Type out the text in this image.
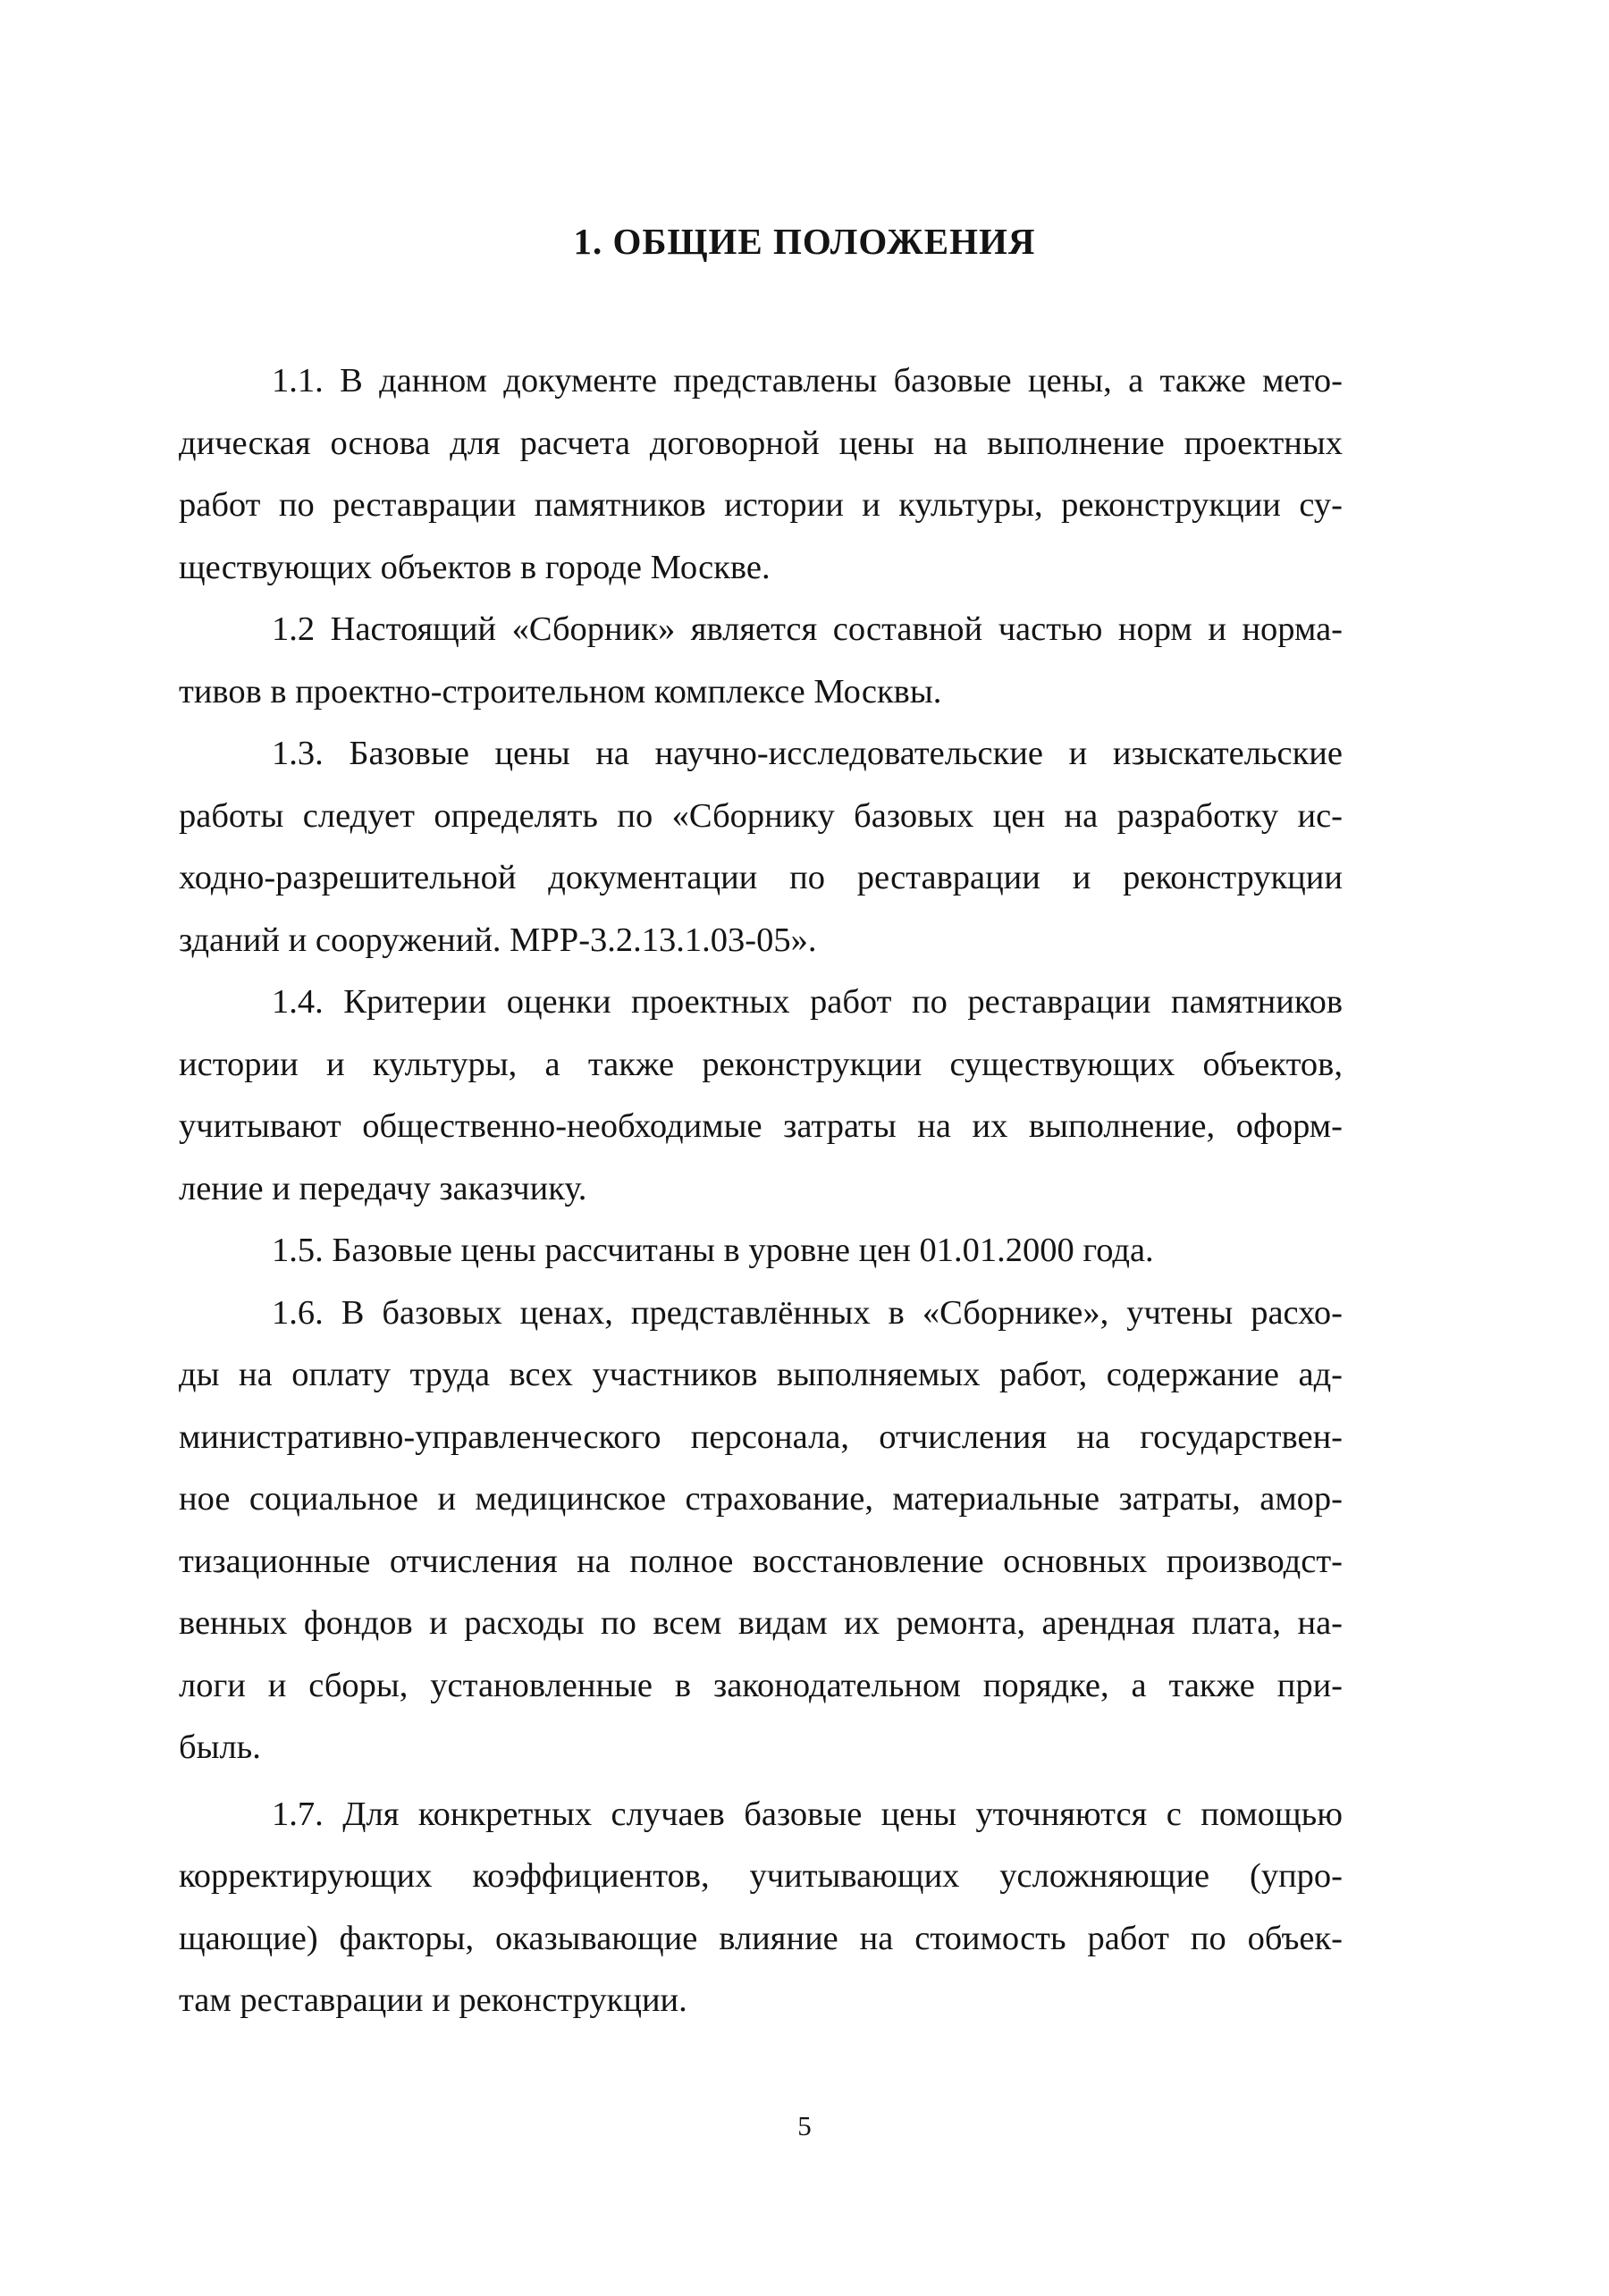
1. ОБЩИЕ ПОЛОЖЕНИЯ

1.1. В данном документе представлены базовые цены, а также мето-
дическая основа для расчета договорной цены на выполнение проектных
работ по реставрации памятников истории и культуры, реконструкции су-
ществующих объектов в городе Москве.

1.2 Настоящий «Сборник» является составной частью норм и норма-
тивов в проектно-строительном комплексе Москвы.

1.3. Базовые цены на научно-исследовательские и изыскательские
работы следует определять по «Сборнику базовых цен на разработку ис-
ходно-разрешительной документации по реставрации и реконструкции
зданий и сооружений. МРР-3.2.13.1.03-05».

1.4. Критерии оценки проектных работ по реставрации памятников
истории и культуры, а также реконструкции существующих объектов,
учитывают общественно-необходимые затраты на их выполнение, оформ-
ление и передачу заказчику.

1.5. Базовые цены рассчитаны в уровне цен 01.01.2000 года.

1.6. В базовых ценах, представлённых в «Сборнике», учтены расхо-
ды на оплату труда всех участников выполняемых работ, содержание ад-
министративно-управленческого персонала, отчисления на государствен-
ное социальное и медицинское страхование, материальные затраты, амор-
тизационные отчисления на полное восстановление основных производст-
венных фондов и расходы по всем видам их ремонта, арендная плата, на-
логи и сборы, установленные в законодательном порядке, а также при-
быль.

1.7. Для конкретных случаев базовые цены уточняются с помощью
корректирующих коэффициентов, учитывающих усложняющие (упро-
щающие) факторы, оказывающие влияние на стоимость работ по объек-
там реставрации и реконструкции.

5
